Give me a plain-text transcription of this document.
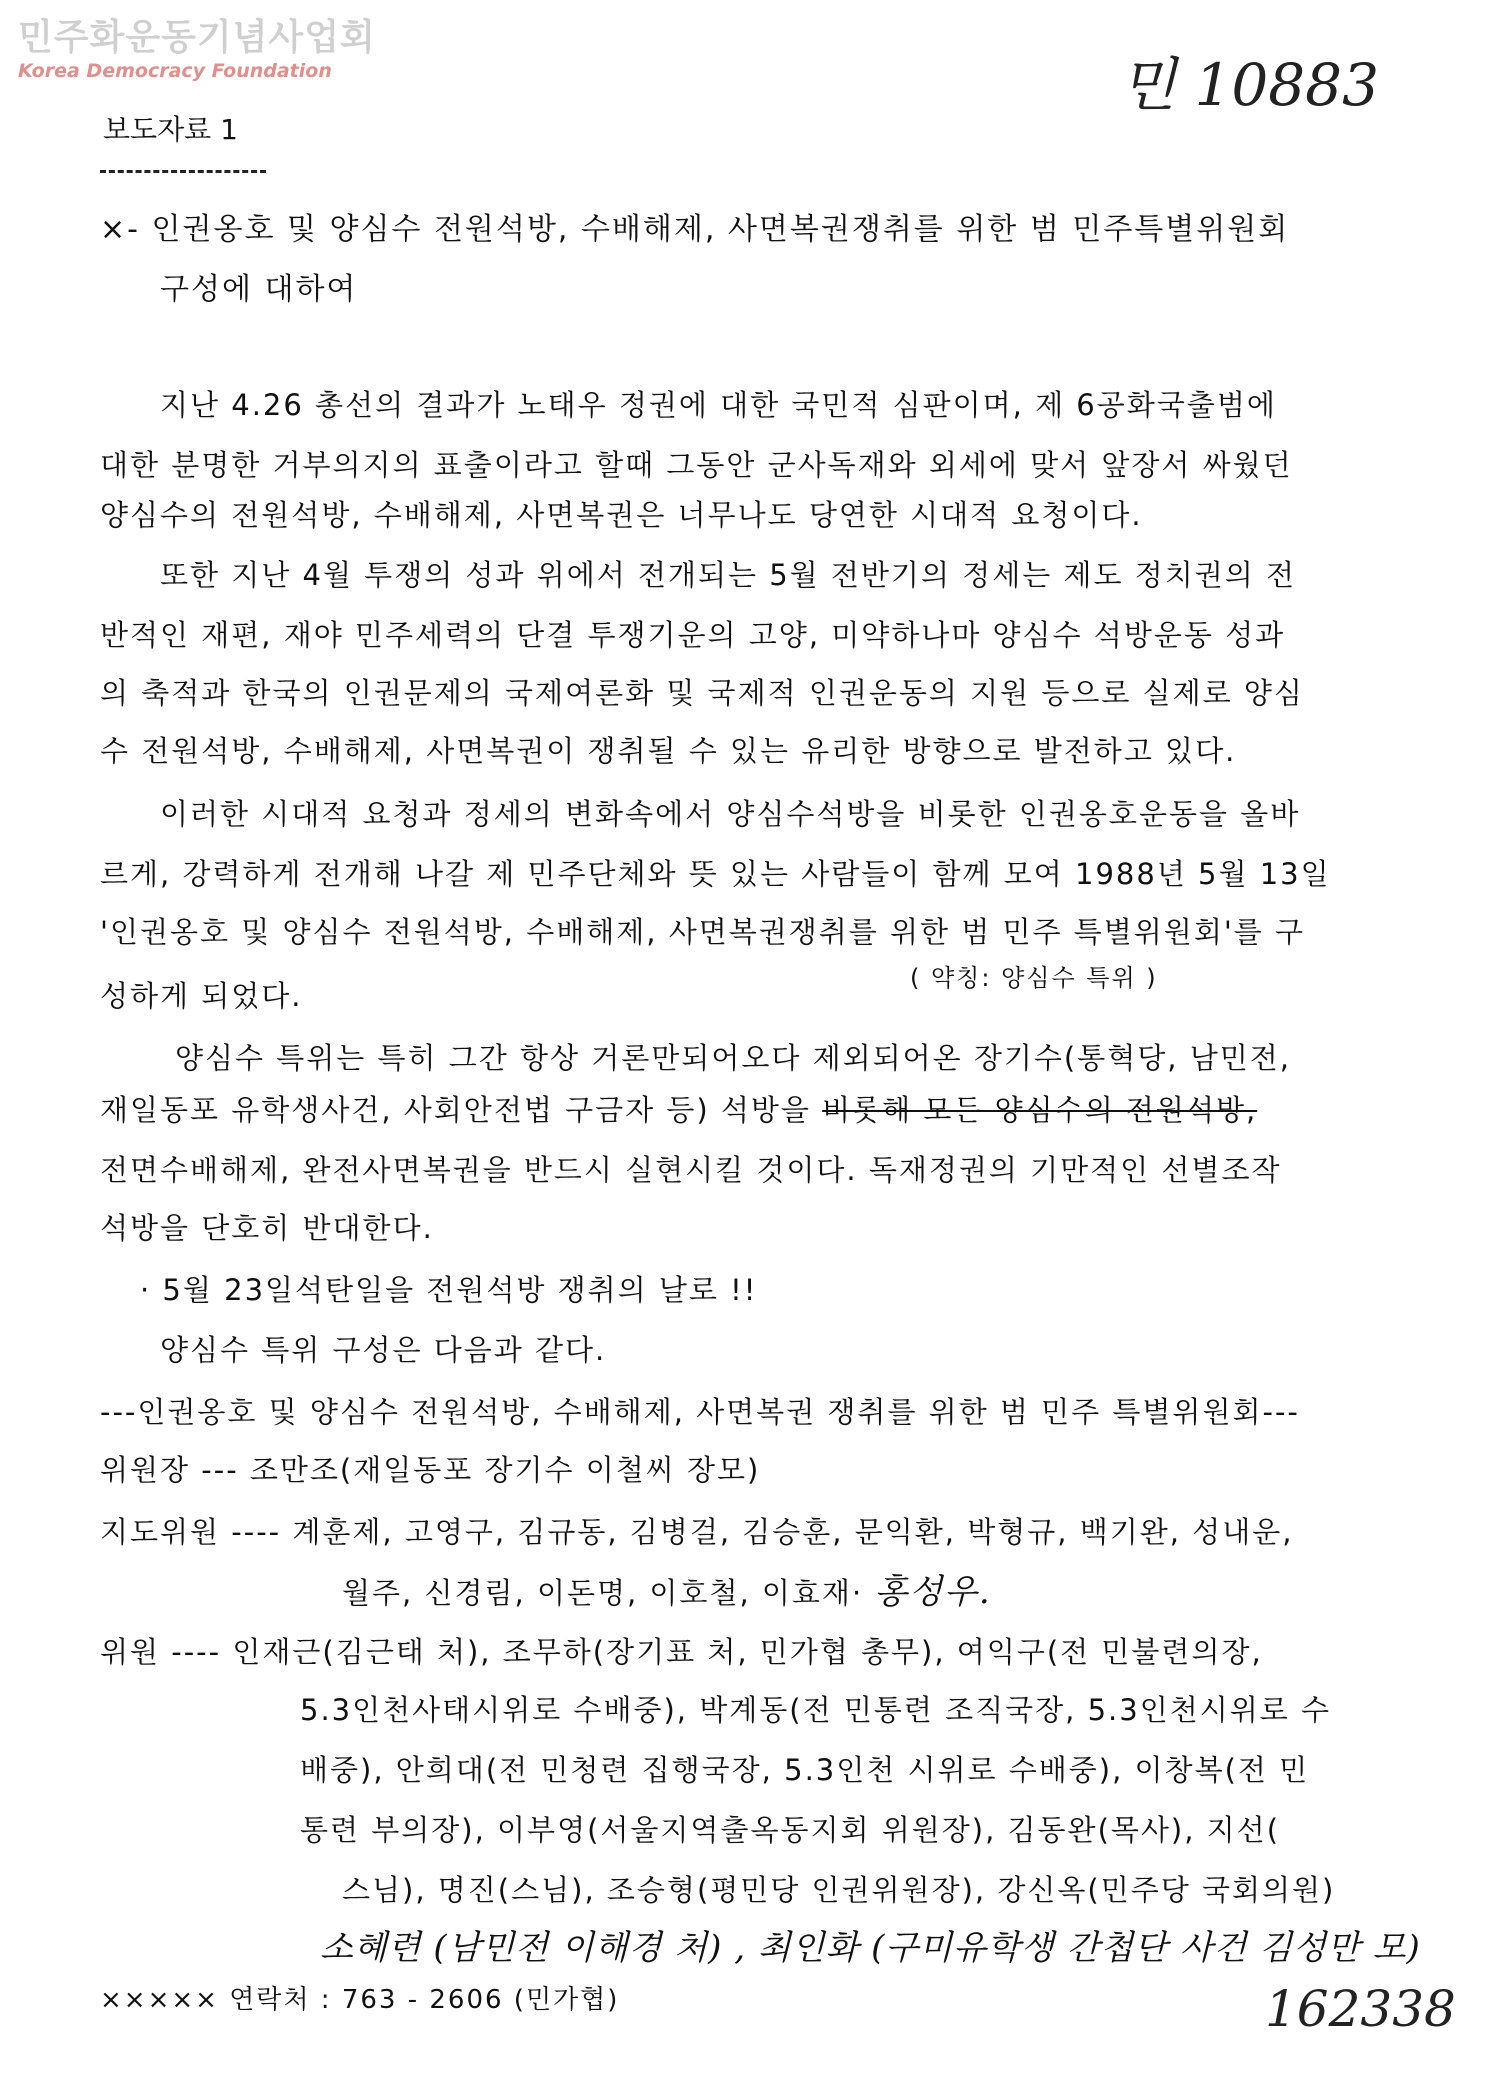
민주화운동기념사업회
Korea Democracy Foundation	민 10883
보도자료 1
×- 인권옹호 및 양심수 전원석방, 수배해제, 사면복권쟁취를 위한 범 민주특별위원회
구성에 대하여
지난 4.26 총선의 결과가 노태우 정권에 대한 국민적 심판이며, 제 6공화국출범에
대한 분명한 거부의지의 표출이라고 할때 그동안 군사독재와 외세에 맞서 앞장서 싸웠던
양심수의 전원석방, 수배해제, 사면복권은 너무나도 당연한 시대적 요청이다.
또한 지난 4월 투쟁의 성과 위에서 전개되는 5월 전반기의 정세는 제도 정치권의 전
반적인 재편, 재야 민주세력의 단결 투쟁기운의 고양, 미약하나마 양심수 석방운동 성과
의 축적과 한국의 인권문제의 국제여론화 및 국제적 인권운동의 지원 등으로 실제로 양심
수 전원석방, 수배해제, 사면복권이 쟁취될 수 있는 유리한 방향으로 발전하고 있다.
이러한 시대적 요청과 정세의 변화속에서 양심수석방을 비롯한 인권옹호운동을 올바
르게, 강력하게 전개해 나갈 제 민주단체와 뜻 있는 사람들이 함께 모여 1988년 5월 13일
'인권옹호 및 양심수 전원석방, 수배해제, 사면복권쟁취를 위한 범 민주 특별위원회'를 구
( 약칭: 양심수 특위 )
성하게 되었다.
양심수 특위는 특히 그간 항상 거론만되어오다 제외되어온 장기수(통혁당, 남민전,
재일동포 유학생사건, 사회안전법 구금자 등) 석방을 비롯해 모든 양심수의 전원석방,
전면수배해제, 완전사면복권을 반드시 실현시킬 것이다. 독재정권의 기만적인 선별조작
석방을 단호히 반대한다.
· 5월 23일석탄일을 전원석방 쟁취의 날로 !!
양심수 특위 구성은 다음과 같다.
---인권옹호 및 양심수 전원석방, 수배해제, 사면복권 쟁취를 위한 범 민주 특별위원회---
위원장 --- 조만조(재일동포 장기수 이철씨 장모)
지도위원 ---- 계훈제, 고영구, 김규동, 김병걸, 김승훈, 문익환, 박형규, 백기완, 성내운,
월주, 신경림, 이돈명, 이호철, 이효재· 홍성우.
위원 ---- 인재근(김근태 처), 조무하(장기표 처, 민가협 총무), 여익구(전 민불련의장,
5.3인천사태시위로 수배중), 박계동(전 민통련 조직국장, 5.3인천시위로 수
배중), 안희대(전 민청련 집행국장, 5.3인천 시위로 수배중), 이창복(전 민
통련 부의장), 이부영(서울지역출옥동지회 위원장), 김동완(목사), 지선(
스님), 명진(스님), 조승형(평민당 인권위원장), 강신옥(민주당 국회의원)
소혜련 (남민전 이해경 처) , 최인화 (구미유학생 간첩단 사건 김성만 모)
××××× 연락처 : 763 - 2606 (민가협)	162338
